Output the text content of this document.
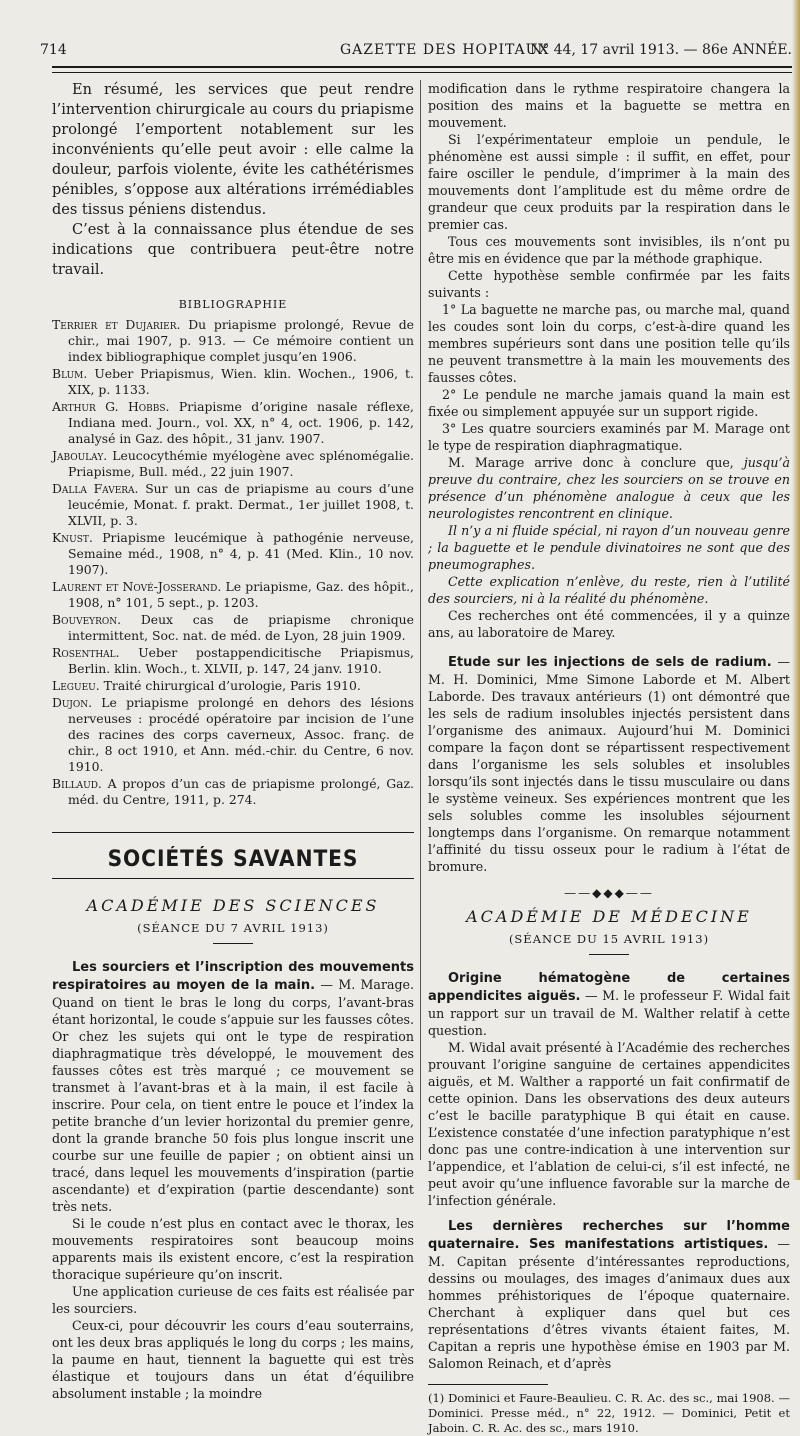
714	GAZETTE DES HOPITAUX
N° 44, 17 avril 1913. — 86e ANNÉE.

En résumé, les services que peut rendre l’intervention chirurgicale au cours du priapisme prolongé l’emportent notablement sur les inconvénients qu’elle peut avoir : elle calme la douleur, parfois violente, évite les cathétérismes pénibles, s’oppose aux altérations irrémédiables des tissus péniens distendus.

C’est à la connaissance plus étendue de ses indications que contribuera peut-être notre travail.

BIBLIOGRAPHIE

Terrier et Dujarier. Du priapisme prolongé, Revue de chir., mai 1907, p. 913. — Ce mémoire contient un index bibliographique complet jusqu’en 1906.

Blum. Ueber Priapismus, Wien. klin. Wochen., 1906, t. XIX, p. 1133.

Arthur G. Hobbs. Priapisme d’origine nasale réflexe, Indiana med. Journ., vol. XX, n° 4, oct. 1906, p. 142, analysé in Gaz. des hôpit., 31 janv. 1907.

Jaboulay. Leucocythémie myélogène avec splénomégalie. Priapisme, Bull. méd., 22 juin 1907.

Dalla Favera. Sur un cas de priapisme au cours d’une leucémie, Monat. f. prakt. Dermat., 1er juillet 1908, t. XLVII, p. 3.

Knust. Priapisme leucémique à pathogénie nerveuse, Semaine méd., 1908, n° 4, p. 41 (Med. Klin., 10 nov. 1907).

Laurent et Nové-Josserand. Le priapisme, Gaz. des hôpit., 1908, n° 101, 5 sept., p. 1203.

Bouveyron. Deux cas de priapisme chronique intermittent, Soc. nat. de méd. de Lyon, 28 juin 1909.

Rosenthal. Ueber postappendicitische Priapismus, Berlin. klin. Woch., t. XLVII, p. 147, 24 janv. 1910.

Legueu. Traité chirurgical d’urologie, Paris 1910.

Dujon. Le priapisme prolongé en dehors des lésions nerveuses : procédé opératoire par incision de l’une des racines des corps caverneux, Assoc. franç. de chir., 8 oct 1910, et Ann. méd.-chir. du Centre, 6 nov. 1910.

Billaud. A propos d’un cas de priapisme prolongé, Gaz. méd. du Centre, 1911, p. 274.

SOCIÉTÉS SAVANTES
ACADÉMIE DES SCIENCES
(SÉANCE DU 7 AVRIL 1913)

Les sourciers et l’inscription des mouvements respiratoires au moyen de la main. — M. Marage. Quand on tient le bras le long du corps, l’avant-bras étant horizontal, le coude s’appuie sur les fausses côtes. Or chez les sujets qui ont le type de respiration diaphragmatique très développé, le mouvement des fausses côtes est très marqué ; ce mouvement se transmet à l’avant-bras et à la main, il est facile à inscrire. Pour cela, on tient entre le pouce et l’index la petite branche d’un levier horizontal du premier genre, dont la grande branche 50 fois plus longue inscrit une courbe sur une feuille de papier ; on obtient ainsi un tracé, dans lequel les mouvements d’inspiration (partie ascendante) et d’expiration (partie descendante) sont très nets.

Si le coude n’est plus en contact avec le thorax, les mouvements respiratoires sont beaucoup moins apparents mais ils existent encore, c’est la respiration thoracique supérieure qu’on inscrit.

Une application curieuse de ces faits est réalisée par les sourciers.

Ceux-ci, pour découvrir les cours d’eau souterrains, ont les deux bras appliqués le long du corps ; les mains, la paume en haut, tiennent la baguette qui est très élastique et toujours dans un état d’équilibre absolument instable ; la moindre

modification dans le rythme respiratoire changera la position des mains et la baguette se mettra en mouvement.

Si l’expérimentateur emploie un pendule, le phénomène est aussi simple : il suffit, en effet, pour faire osciller le pendule, d’imprimer à la main des mouvements dont l’amplitude est du même ordre de grandeur que ceux produits par la respiration dans le premier cas.

Tous ces mouvements sont invisibles, ils n’ont pu être mis en évidence que par la méthode graphique.

Cette hypothèse semble confirmée par les faits suivants :

1° La baguette ne marche pas, ou marche mal, quand les coudes sont loin du corps, c’est-à-dire quand les membres supérieurs sont dans une position telle qu’ils ne peuvent transmettre à la main les mouvements des fausses côtes.

2° Le pendule ne marche jamais quand la main est fixée ou simplement appuyée sur un support rigide.

3° Les quatre sourciers examinés par M. Marage ont le type de respiration diaphragmatique.

M. Marage arrive donc à conclure que, jusqu’à preuve du contraire, chez les sourciers on se trouve en présence d’un phénomène analogue à ceux que les neurologistes rencontrent en clinique.

Il n’y a ni fluide spécial, ni rayon d’un nouveau genre ; la baguette et le pendule divinatoires ne sont que des pneumographes.

Cette explication n’enlève, du reste, rien à l’utilité des sourciers, ni à la réalité du phénomène.

Ces recherches ont été commencées, il y a quinze ans, au laboratoire de Marey.

Etude sur les injections de sels de radium. — M. H. Dominici, Mme Simone Laborde et M. Albert Laborde. Des travaux antérieurs (1) ont démontré que les sels de radium insolubles injectés persistent dans l’organisme des animaux. Aujourd’hui M. Dominici compare la façon dont se répartissent respectivement dans l’organisme les sels solubles et insolubles lorsqu’ils sont injectés dans le tissu musculaire ou dans le système veineux. Ses expériences montrent que les sels solubles comme les insolubles séjournent longtemps dans l’organisme. On remarque notamment l’affinité du tissu osseux pour le radium à l’état de bromure.

——◆◆◆——
ACADÉMIE DE MÉDECINE
(SÉANCE DU 15 AVRIL 1913)

Origine hématogène de certaines appendicites aiguës. — M. le professeur F. Widal fait un rapport sur un travail de M. Walther relatif à cette question.

M. Widal avait présenté à l’Académie des recherches prouvant l’origine sanguine de certaines appendicites aiguës, et M. Walther a rapporté un fait confirmatif de cette opinion. Dans les observations des deux auteurs c’est le bacille paratyphique B qui était en cause. L’existence constatée d’une infection paratyphique n’est donc pas une contre-indication à une intervention sur l’appendice, et l’ablation de celui-ci, s’il est infecté, ne peut avoir qu’une influence favorable sur la marche de l’infection générale.

Les dernières recherches sur l’homme quaternaire. Ses manifestations artistiques. — M. Capitan présente d’intéressantes reproductions, dessins ou moulages, des images d’animaux dues aux hommes préhistoriques de l’époque quaternaire. Cherchant à expliquer dans quel but ces représentations d’êtres vivants étaient faites, M. Capitan a repris une hypothèse émise en 1903 par M. Salomon Reinach, et d’après

(1) Dominici et Faure-Beaulieu. C. R. Ac. des sc., mai 1908. — Dominici. Presse méd., n° 22, 1912. — Dominici, Petit et Jaboin. C. R. Ac. des sc., mars 1910.
